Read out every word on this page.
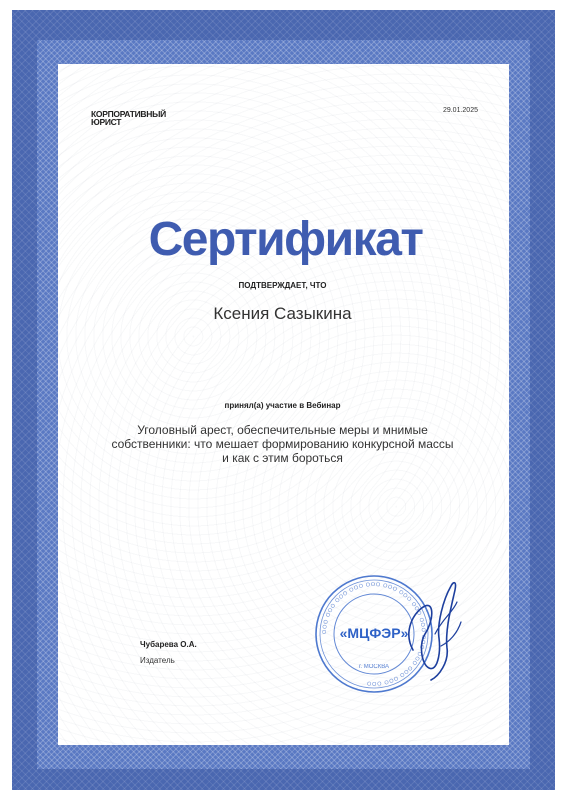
КОРПОРАТИВНЫЙ
ЮРИСТ
29.01.2025
Сертификат
ПОДТВЕРЖДАЕТ, ЧТО
Ксения Сазыкина
принял(а) участие в Вебинар
Уголовный арест, обеспечительные меры и мнимые собственники: что мешает формированию конкурсной массы и как с этим бороться
Чубарева О.А.
Издатель
ООО ООО ООО ООО ООО ООО ООО ООО ООО ООО ООО ООО ООО ООО
«МЦФЭР»
г. МОСКВА
